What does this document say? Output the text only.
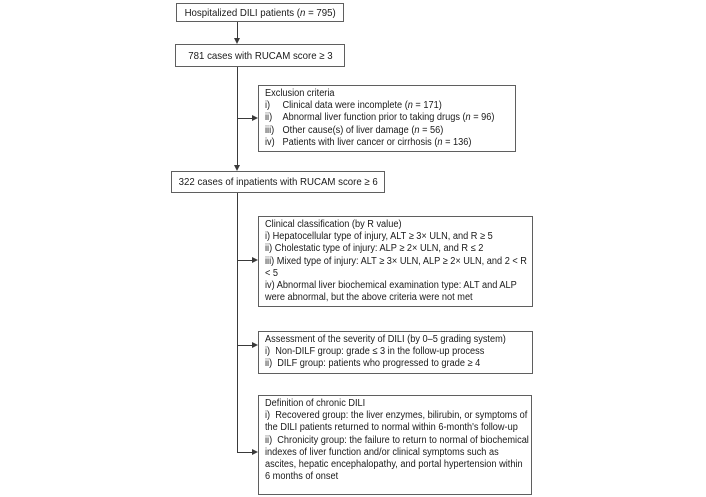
Hospitalized DILI patients (n = 795)
781 cases with RUCAM score ≥ 3
Exclusion criteria
i)	Clinical data were incomplete (n = 171)
ii)	Abnormal liver function prior to taking drugs (n = 96)
iii) Other cause(s) of liver damage (n = 56)
iv) Patients with liver cancer or cirrhosis (n = 136)
322 cases of inpatients with RUCAM score ≥ 6
Clinical classification (by R value)
i) Hepatocellular type of injury, ALT ≥ 3× ULN, and R ≥ 5
ii) Cholestatic type of injury: ALP ≥ 2× ULN, and R ≤ 2
iii) Mixed type of injury: ALT ≥ 3× ULN, ALP ≥ 2× ULN, and 2 < R < 5
iv) Abnormal liver biochemical examination type: ALT and ALP were abnormal, but the above criteria were not met
Assessment of the severity of DILI (by 0–5 grading system)
i)  Non-DILF group: grade ≤ 3 in the follow-up process
ii)  DILF group: patients who progressed to grade ≥ 4
Definition of chronic DILI
i)  Recovered group: the liver enzymes, bilirubin, or symptoms of the DILI patients returned to normal within 6-month's follow-up
ii)  Chronicity group: the failure to return to normal of biochemical indexes of liver function and/or clinical symptoms such as ascites, hepatic encephalopathy, and portal hypertension within 6 months of onset
